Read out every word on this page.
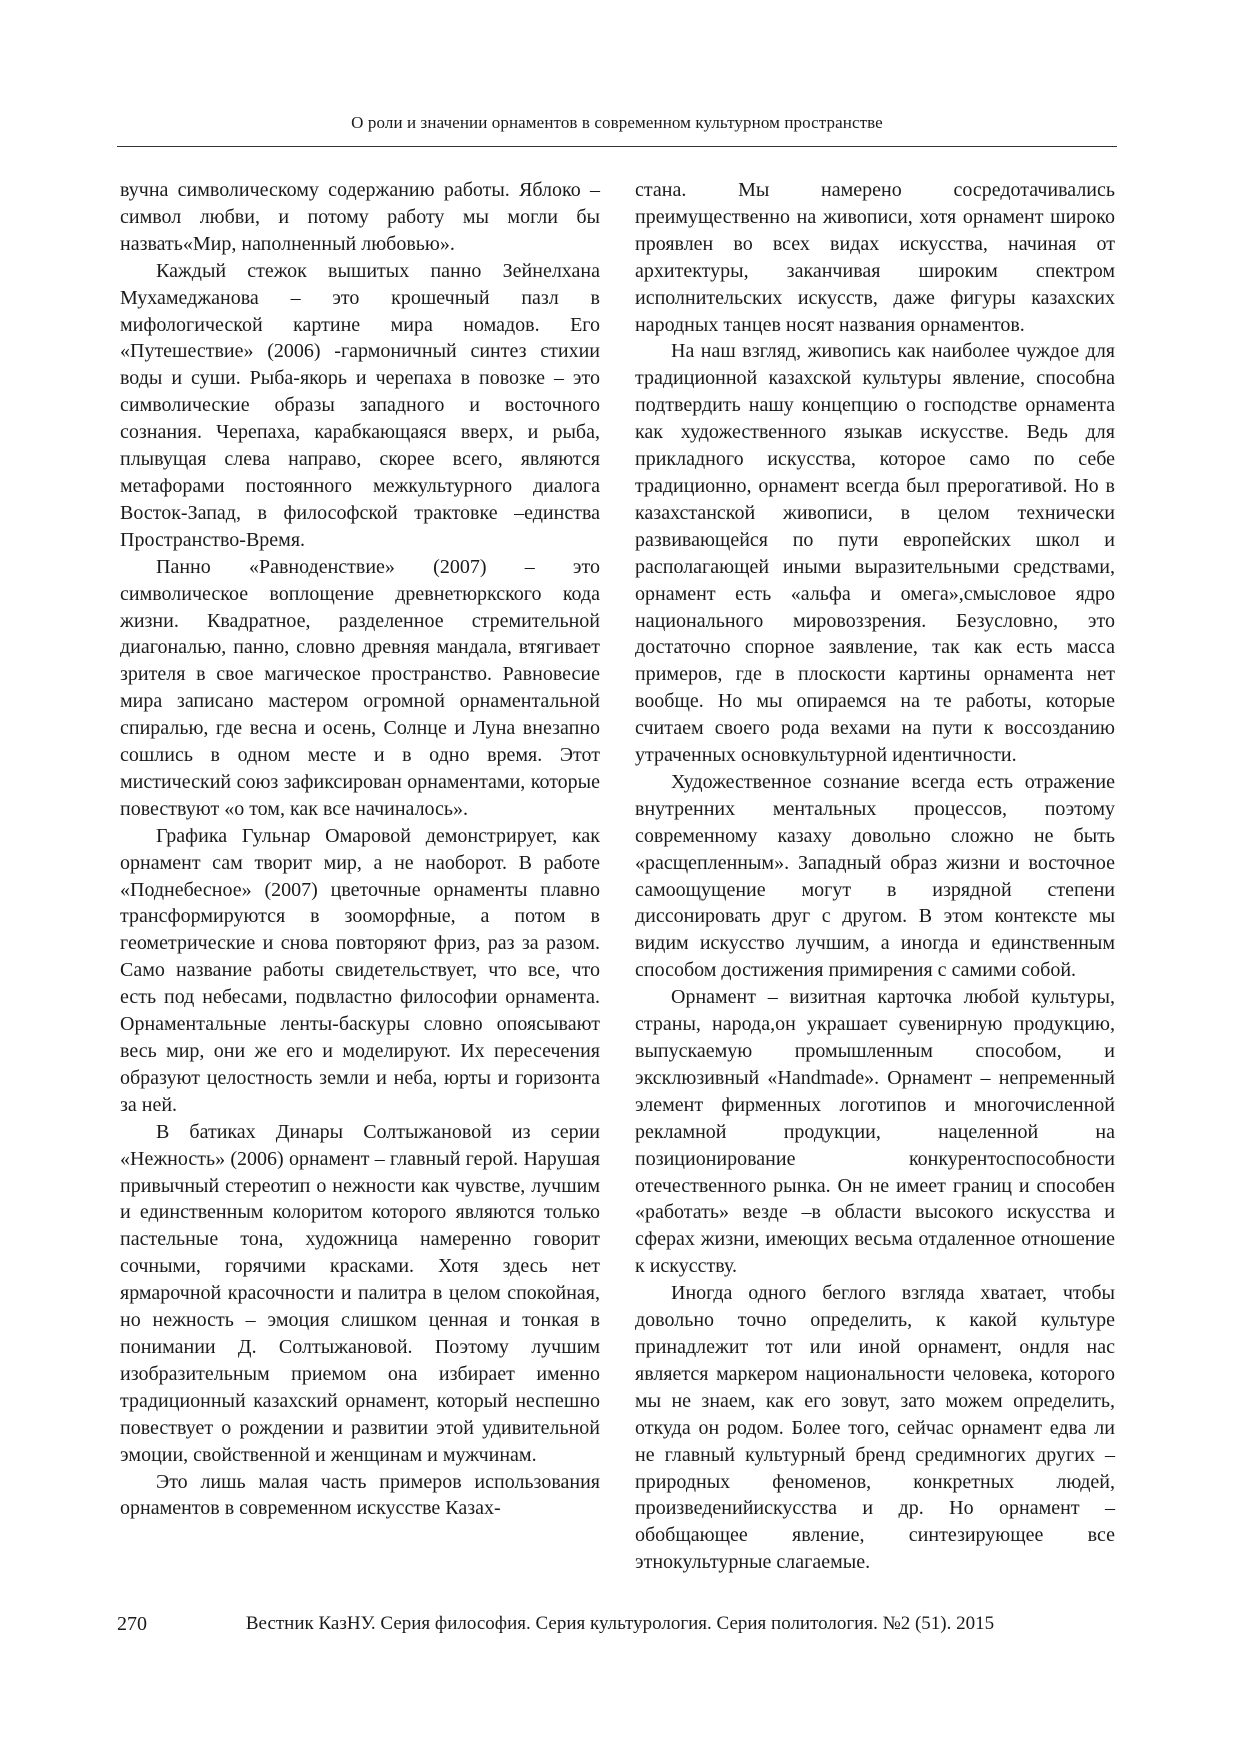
О роли и значении орнаментов в современном культурном пространстве

вучна символическому содержанию работы. Яблоко – символ любви, и потому работу мы могли бы назвать«Мир, наполненный любовью».

Каждый стежок вышитых панно Зейнелхана Мухамеджанова – это крошечный пазл в мифологической картине мира номадов. Его «Путешествие» (2006) -гармоничный синтез стихии воды и суши. Рыба-якорь и черепаха в повозке – это символические образы западного и восточного сознания. Черепаха, карабкающаяся вверх, и рыба, плывущая слева направо, скорее всего, являются метафорами постоянного межкультурного диалога Восток-Запад, в философской трактовке –единства Пространство-Время.

Панно «Равноденствие» (2007) – это символическое воплощение древнетюркского кода жизни. Квадратное, разделенное стремительной диагональю, панно, словно древняя мандала, втягивает зрителя в свое магическое пространство. Равновесие мира записано мастером огромной орнаментальной спиралью, где весна и осень, Солнце и Луна внезапно сошлись в одном месте и в одно время. Этот мистический союз зафиксирован орнаментами, которые повествуют «о том, как все начиналось».

Графика Гульнар Омаровой демонстрирует, как орнамент сам творит мир, а не наоборот. В работе «Поднебесное» (2007) цветочные орнаменты плавно трансформируются в зооморфные, а потом в геометрические и снова повторяют фриз, раз за разом. Само название работы свидетельствует, что все, что есть под небесами, подвластно философии орнамента. Орнаментальные ленты-баскуры словно опоясывают весь мир, они же его и моделируют. Их пересечения образуют целостность земли и неба, юрты и горизонта за ней.

В батиках Динары Солтыжановой из серии «Нежность» (2006) орнамент – главный герой. Нарушая привычный стереотип о нежности как чувстве, лучшим и единственным колоритом которого являются только пастельные тона, художница намеренно говорит сочными, горячими красками. Хотя здесь нет ярмарочной красочности и палитра в целом спокойная, но нежность – эмоция слишком ценная и тонкая в понимании Д. Солтыжановой. Поэтому лучшим изобразительным приемом она избирает именно традиционный казахский орнамент, который неспешно повествует о рождении и развитии этой удивительной эмоции, свойственной и женщинам и мужчинам.

Это лишь малая часть примеров использования орнаментов в современном искусстве Казах-

стана. Мы намерено сосредотачивались преимущественно на живописи, хотя орнамент широко проявлен во всех видах искусства, начиная от архитектуры, заканчивая широким спектром исполнительских искусств, даже фигуры казахских народных танцев носят названия орнаментов.

На наш взгляд, живопись как наиболее чуждое для традиционной казахской культуры явление, способна подтвердить нашу концепцию о господстве орнамента как художественного языкав искусстве. Ведь для прикладного искусства, которое само по себе традиционно, орнамент всегда был прерогативой. Но в казахстанской живописи, в целом технически развивающейся по пути европейских школ и располагающей иными выразительными средствами, орнамент есть «альфа и омега»,смысловое ядро национального мировоззрения. Безусловно, это достаточно спорное заявление, так как есть масса примеров, где в плоскости картины орнамента нет вообще. Но мы опираемся на те работы, которые считаем своего рода вехами на пути к воссозданию утраченных основкультурной идентичности.

Художественное сознание всегда есть отражение внутренних ментальных процессов, поэтому современному казаху довольно сложно не быть «расщепленным». Западный образ жизни и восточное самоощущение могут в изрядной степени диссонировать друг с другом. В этом контексте мы видим искусство лучшим, а иногда и единственным способом достижения примирения с самими собой.

Орнамент – визитная карточка любой культуры, страны, народа,он украшает сувенирную продукцию, выпускаемую промышленным способом, и эксклюзивный «Handmade». Орнамент – непременный элемент фирменных логотипов и многочисленной рекламной продукции, нацеленной на позиционирование конкурентоспособности отечественного рынка. Он не имеет границ и способен «работать» везде –в области высокого искусства и сферах жизни, имеющих весьма отдаленное отношение к искусству.

Иногда одного беглого взгляда хватает, чтобы довольно точно определить, к какой культуре принадлежит тот или иной орнамент, ондля нас является маркером национальности человека, которого мы не знаем, как его зовут, зато можем определить, откуда он родом. Более того, сейчас орнамент едва ли не главный культурный бренд средимногих других – природных феноменов, конкретных людей, произведенийискусства и др. Но орнамент – обобщающее явление, синтезирующее все этнокультурные слагаемые.

270	Вестник КазНУ. Серия философия. Серия культурология. Серия политология. №2 (51). 2015
